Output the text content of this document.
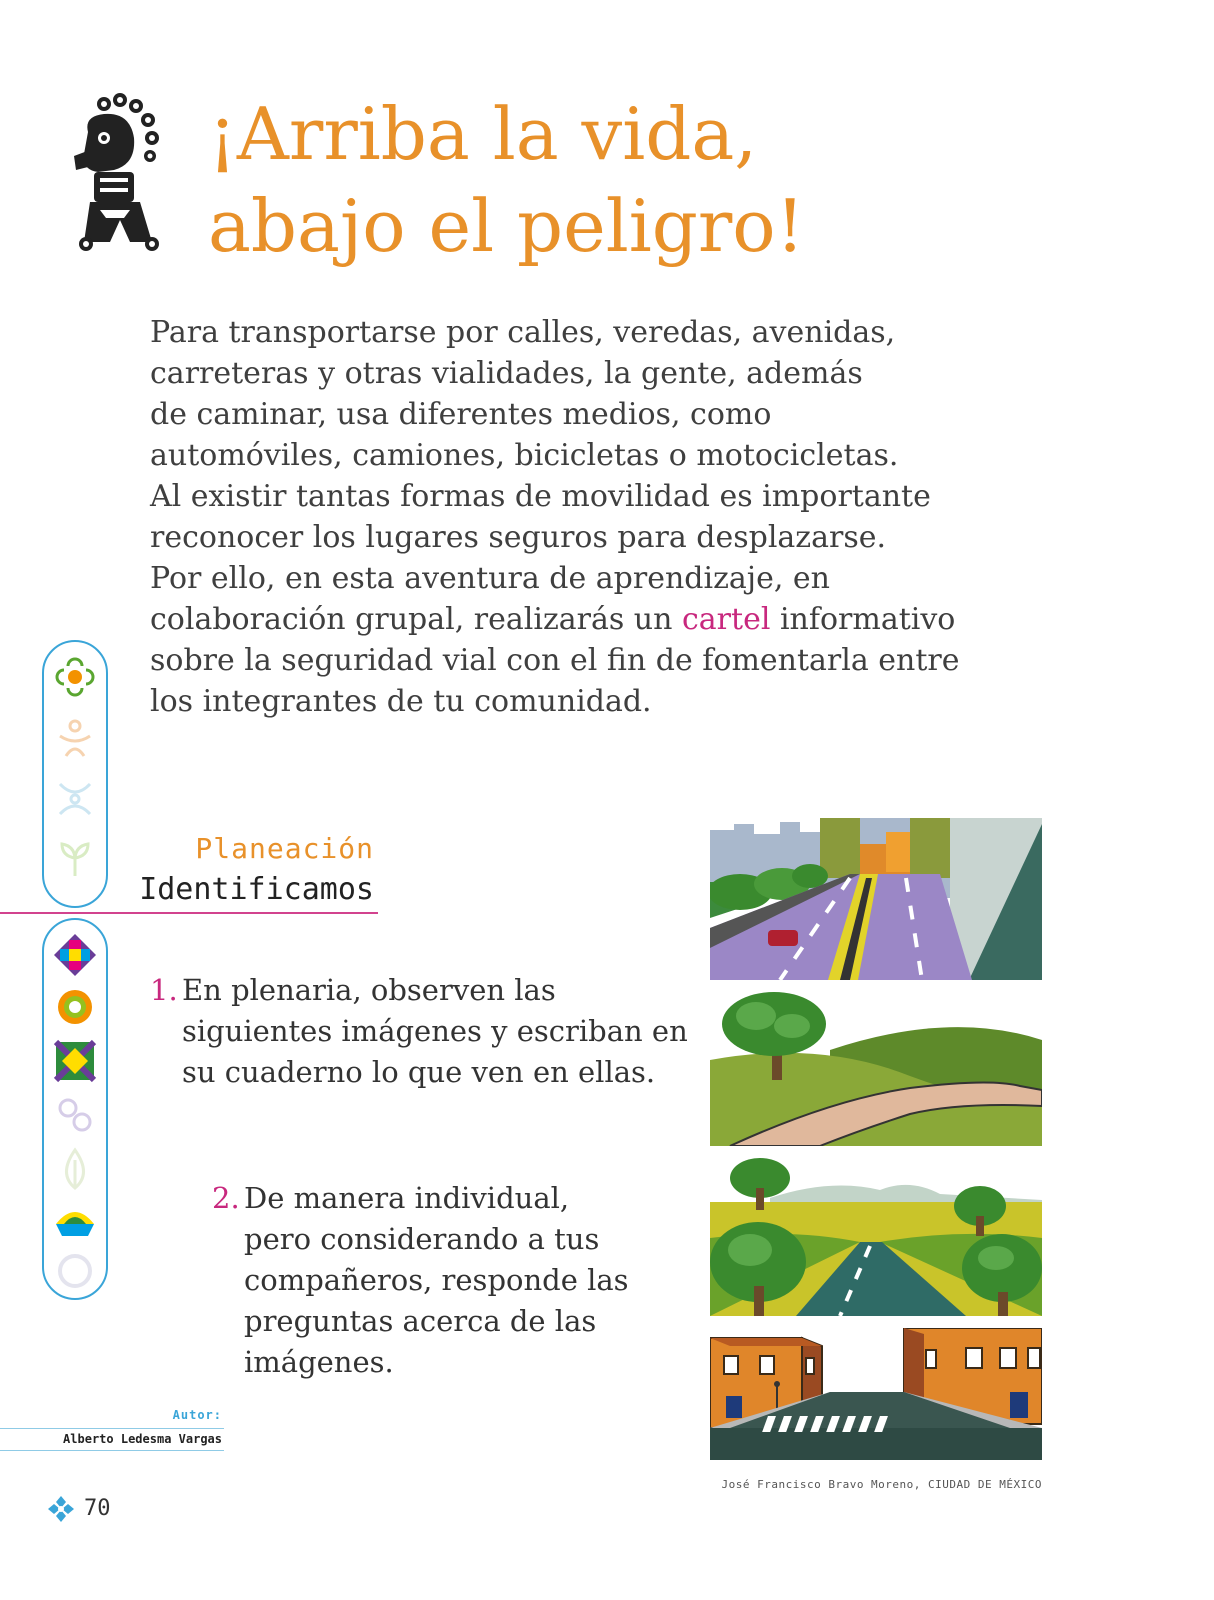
¡Arriba la vida,
abajo el peligro!

Para transportarse por calles, veredas, avenidas,
carreteras y otras vialidades, la gente, además
de caminar, usa diferentes medios, como
automóviles, camiones, bicicletas o motocicletas.
Al existir tantas formas de movilidad es importante
reconocer los lugares seguros para desplazarse.
Por ello, en esta aventura de aprendizaje, en
colaboración grupal, realizarás un cartel informativo
sobre la seguridad vial con el fin de fomentarla entre
los integrantes de tu comunidad.

Planeación
Identificamos
1. En plenaria, observen las
siguientes imágenes y escriban en
su cuaderno lo que ven en ellas.
2. De manera individual,
pero considerando a tus
compañeros, responde las
preguntas acerca de las
imágenes.
José Francisco Bravo Moreno, CIUDAD DE MÉXICO
Autor:
Alberto Ledesma Vargas
70
